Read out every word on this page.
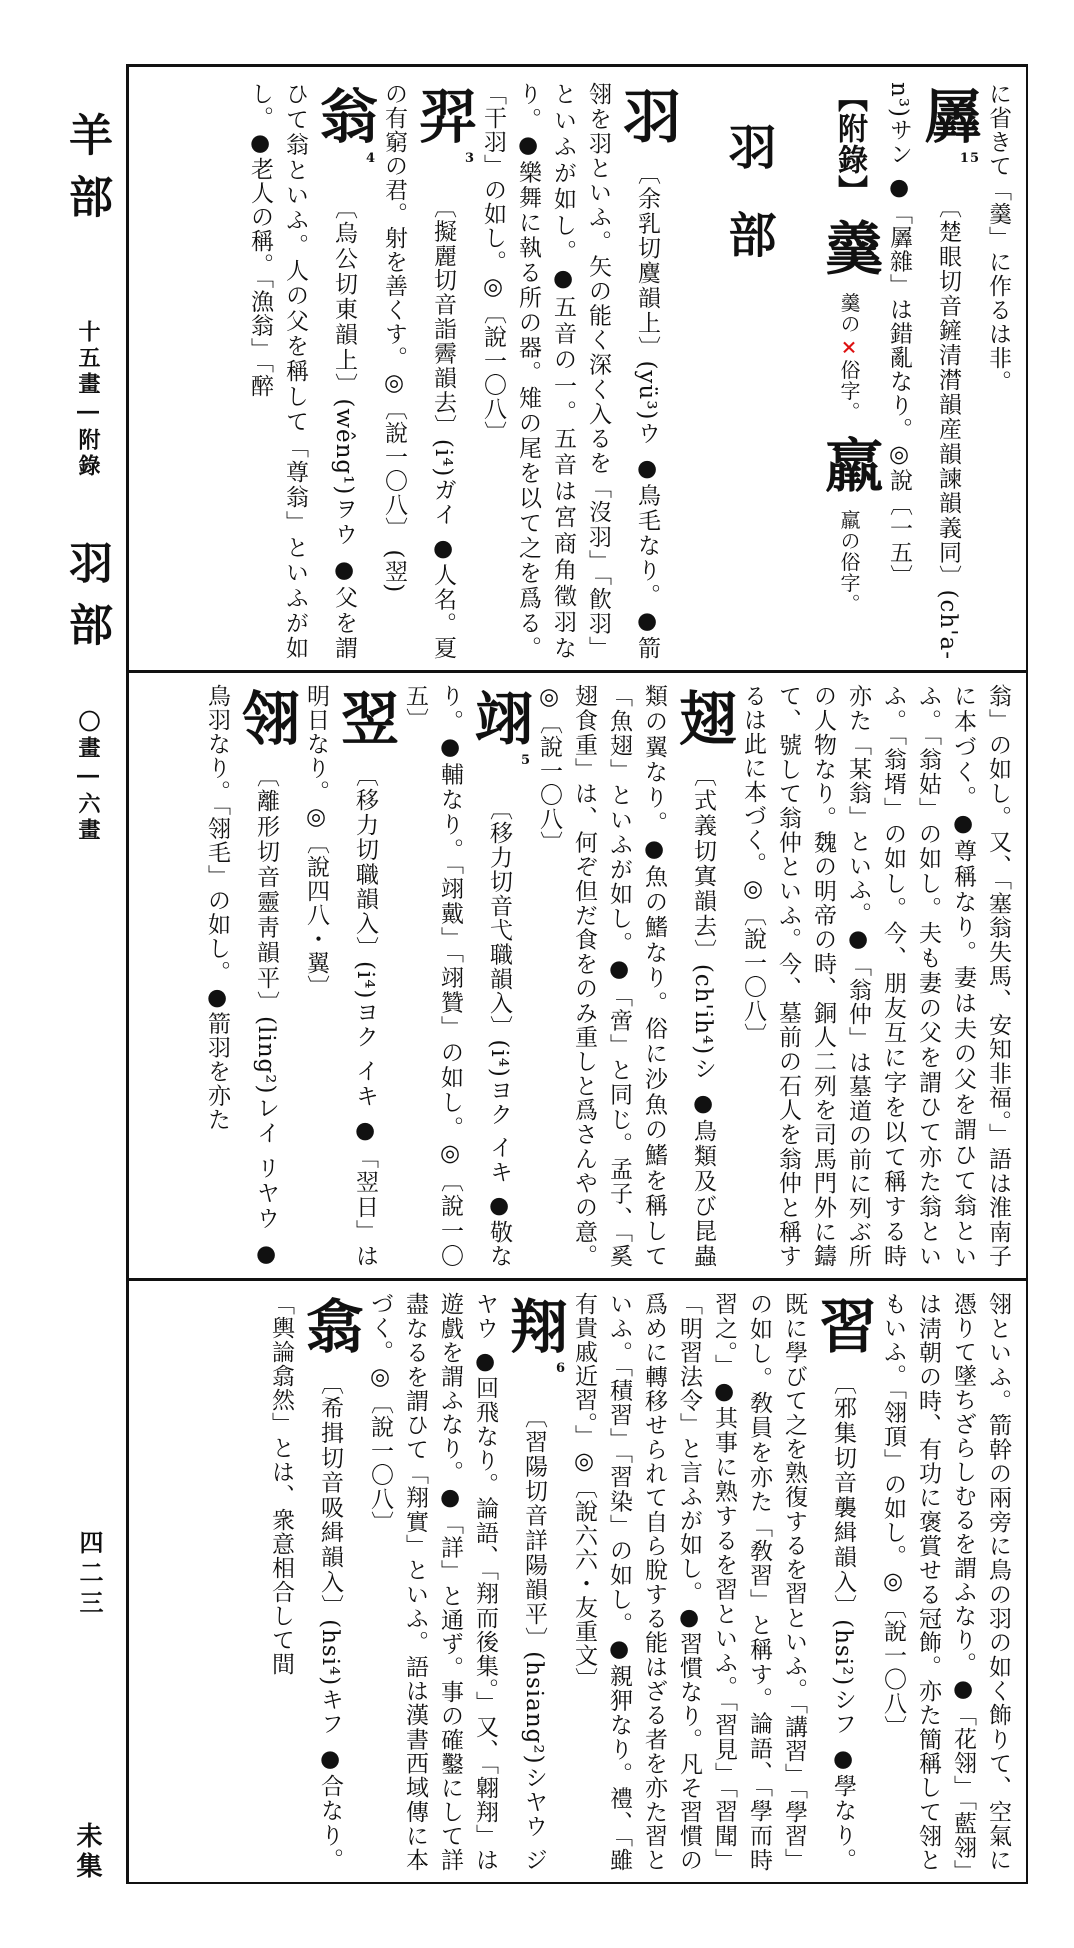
羊部
十五畫―附錄
羽部
〇畫―六畫
四二三
未集
に省きて「羹」に作るは非。
羼15 〔楚眼切音鏟清潸韻産韻諫韻義同〕(ch'a-n³)サン ●「羼雜」は錯亂なり。◎說〔一五〕
【附錄】 羹 羹の×俗字。 羸 羸の俗字。
羽部
羽 〔余乳切麌韻上〕(yü³)ウ ●鳥毛なり。●箭翎を羽といふ。矢の能く深く入るを「沒羽」「飮羽」といふが如し。●五音の一。五音は宮商角徵羽なり。●樂舞に執る所の器。雉の尾を以て之を爲る。「干羽」の如し。◎〔說一〇八〕
羿3 〔擬麗切音詣霽韻去〕(i⁴)ガイ ●人名。夏の有窮の君。射を善くす。◎〔說一〇八〕 (翌)
翁4 〔烏公切東韻上〕(wêng¹)ヲウ ●父を謂ひて翁といふ。人の父を稱して「尊翁」といふが如し。●老人の稱。「漁翁」「醉
翁」の如し。又、「塞翁失馬、安知非福。」語は淮南子に本づく。●尊稱なり。妻は夫の父を謂ひて翁といふ。「翁姑」の如し。夫も妻の父を謂ひて亦た翁といふ。「翁壻」の如し。今、朋友互に字を以て稱する時亦た「某翁」といふ。●「翁仲」は墓道の前に列ぶ所の人物なり。魏の明帝の時、銅人二列を司馬門外に鑄て、號して翁仲といふ。今、墓前の石人を翁仲と稱するは此に本づく。◎〔說一〇八〕
翅 〔式義切寘韻去〕(ch'ih⁴)シ ●鳥類及び昆蟲類の翼なり。●魚の鰭なり。俗に沙魚の鰭を稱して「魚翅」といふが如し。●「啻」と同じ。孟子、「奚翅食重」は、何ぞ但だ食をのみ重しと爲さんやの意。◎〔說一〇八〕
翊5 〔移力切音弋職韻入〕(i⁴)ヨク イキ ●敬なり。●輔なり。「翊戴」「翊贊」の如し。◎〔說一〇五〕
翌 〔移力切職韻入〕(i⁴)ヨク イキ ●「翌日」は明日なり。◎〔說四八・翼〕
翎 〔離形切音靈靑韻平〕(ling²)レイ リヤウ ●鳥羽なり。「翎毛」の如し。●箭羽を亦た
翎といふ。箭幹の兩旁に鳥の羽の如く飾りて、空氣に憑りて墜ちざらしむるを謂ふなり。●「花翎」「藍翎」は淸朝の時、有功に褒賞せる冠飾。亦た簡稱して翎ともいふ。「翎頂」の如し。◎〔說一〇八〕
習 〔邪集切音襲緝韻入〕(hsi²)シフ ●學なり。既に學びて之を熟復するを習といふ。「講習」「學習」の如し。敎員を亦た「敎習」と稱す。論語、「學而時習之。」●其事に熟するを習といふ。「習見」「習聞」「明習法令」と言ふが如し。●習慣なり。凡そ習慣の爲めに轉移せられて自ら脫する能はざる者を亦た習といふ。「積習」「習染」の如し。●親狎なり。禮、「雖有貴戚近習。」◎〔說六六・友重文〕
翔6 〔習陽切音詳陽韻平〕(hsiang²)シヤウ ジヤウ ●回飛なり。論語、「翔而後集。」又、「翺翔」は遊戲を謂ふなり。●「詳」と通ず。事の確鑿にして詳盡なるを謂ひて「翔實」といふ。語は漢書西域傳に本づく。◎〔說一〇八〕
翕 〔希揖切音吸緝韻入〕(hsi⁴)キフ ●合なり。「輿論翕然」とは、衆意相合して間
